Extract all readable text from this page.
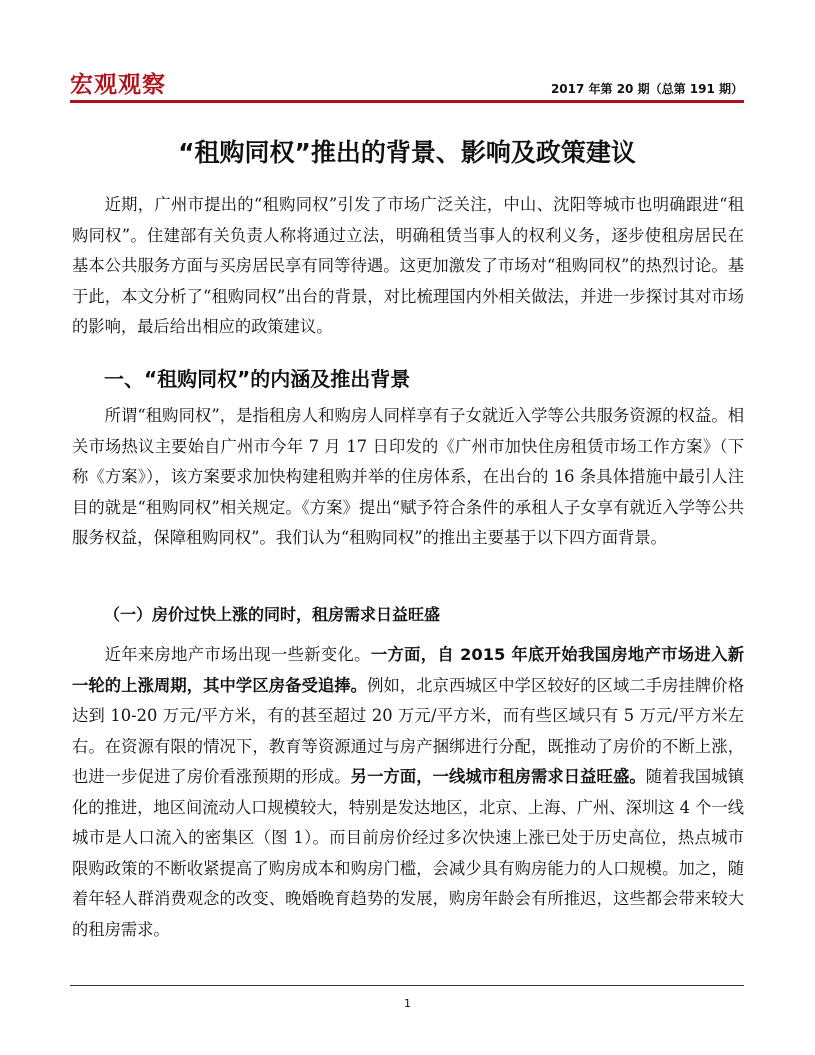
宏观观察	2017 年第 20 期（总第 191 期）
“租购同权”推出的背景、影响及政策建议

近期，广州市提出的“租购同权”引发了市场广泛关注，中山、沈阳等城市也明确跟进“租购同权”。住建部有关负责人称将通过立法，明确租赁当事人的权利义务，逐步使租房居民在基本公共服务方面与买房居民享有同等待遇。这更加激发了市场对“租购同权”的热烈讨论。基于此，本文分析了“租购同权”出台的背景，对比梳理国内外相关做法，并进一步探讨其对市场的影响，最后给出相应的政策建议。

一、“租购同权”的内涵及推出背景

所谓“租购同权”，是指租房人和购房人同样享有子女就近入学等公共服务资源的权益。相关市场热议主要始自广州市今年 7 月 17 日印发的《广州市加快住房租赁市场工作方案》（下称《方案》），该方案要求加快构建租购并举的住房体系，在出台的 16 条具体措施中最引人注目的就是“租购同权”相关规定。《方案》提出“赋予符合条件的承租人子女享有就近入学等公共服务权益，保障租购同权”。我们认为“租购同权”的推出主要基于以下四方面背景。

（一）房价过快上涨的同时，租房需求日益旺盛

近年来房地产市场出现一些新变化。一方面，自 2015 年底开始我国房地产市场进入新一轮的上涨周期，其中学区房备受追捧。例如，北京西城区中学区较好的区域二手房挂牌价格达到 10-20 万元/平方米，有的甚至超过 20 万元/平方米，而有些区域只有 5 万元/平方米左右。在资源有限的情况下，教育等资源通过与房产捆绑进行分配，既推动了房价的不断上涨，也进一步促进了房价看涨预期的形成。另一方面，一线城市租房需求日益旺盛。随着我国城镇化的推进，地区间流动人口规模较大，特别是发达地区，北京、上海、广州、深圳这 4 个一线城市是人口流入的密集区（图 1）。而目前房价经过多次快速上涨已处于历史高位，热点城市限购政策的不断收紧提高了购房成本和购房门槛，会减少具有购房能力的人口规模。加之，随着年轻人群消费观念的改变、晚婚晚育趋势的发展，购房年龄会有所推迟，这些都会带来较大的租房需求。

1
